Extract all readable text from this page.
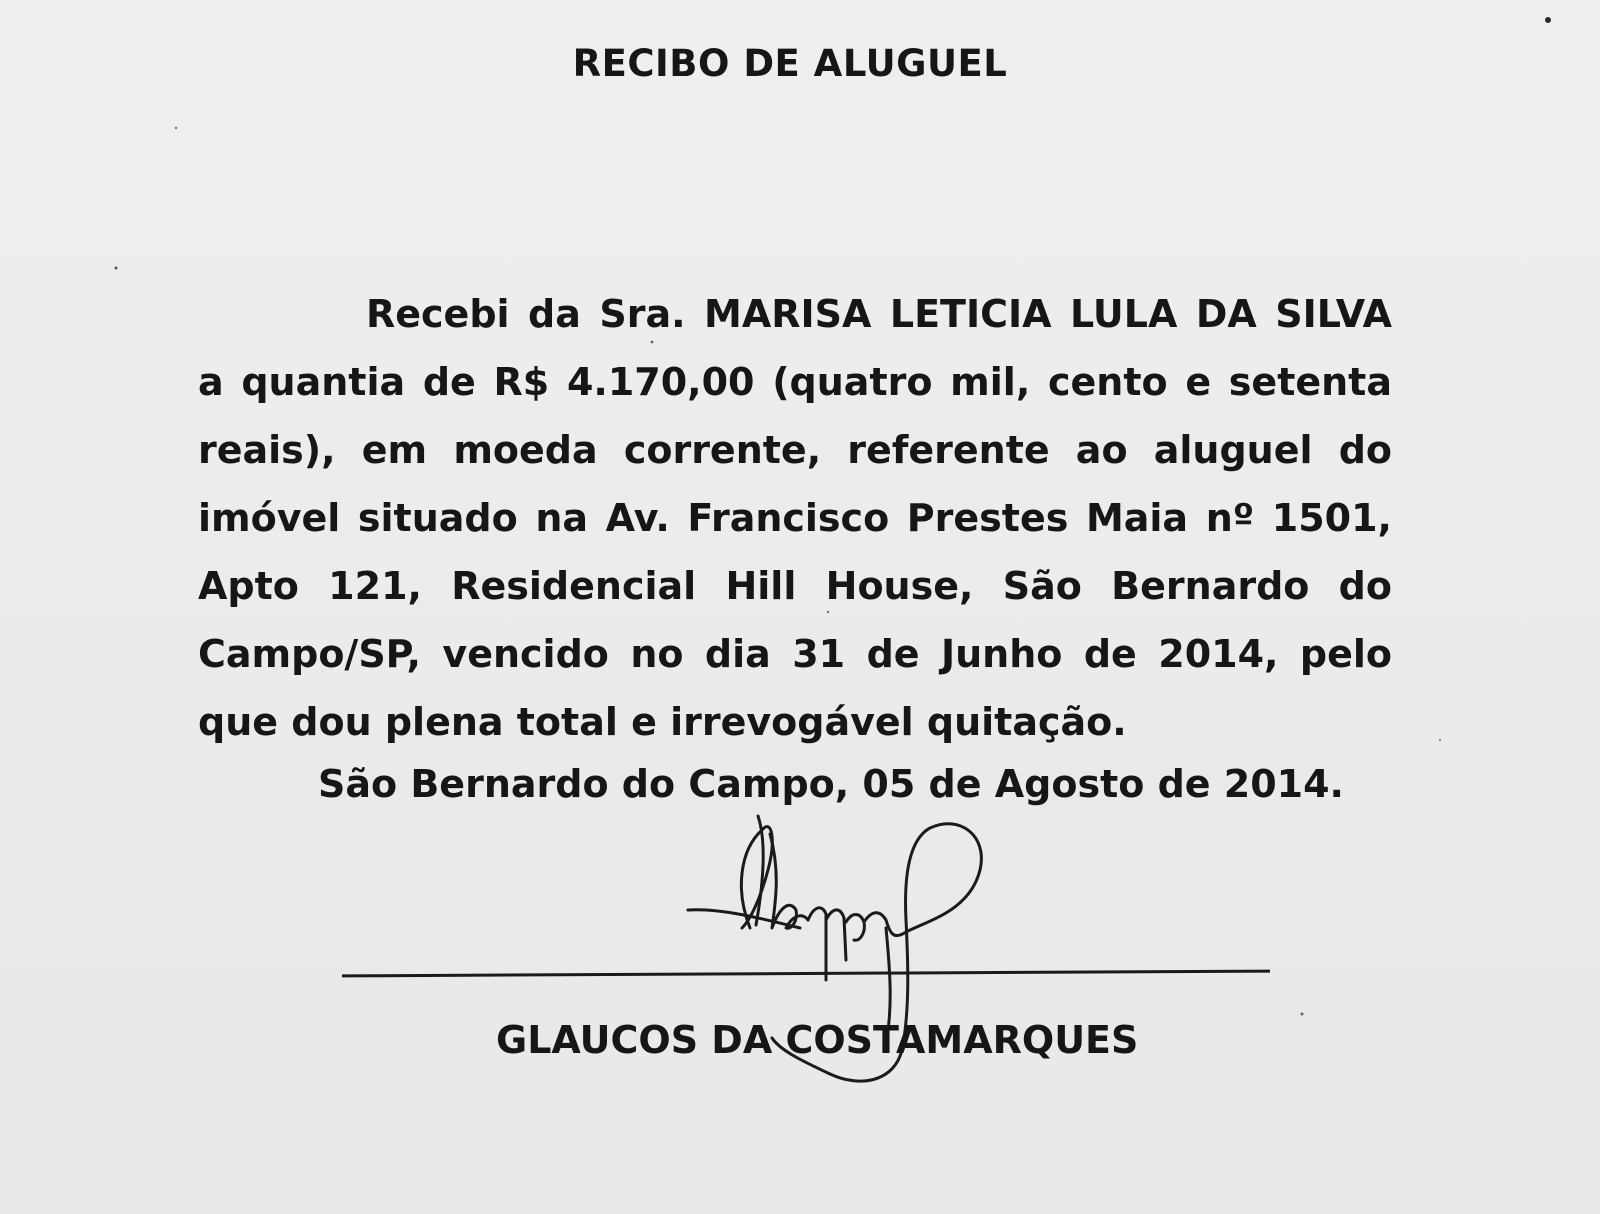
RECIBO DE ALUGUEL

Recebi da Sra. MARISA LETICIA LULA DA SILVA a quantia de R$ 4.170,00 (quatro mil, cento e setenta reais), em moeda corrente, referente ao aluguel do imóvel situado na Av. Francisco Prestes Maia nº 1501, Apto 121, Residencial Hill House, São Bernardo do Campo/SP, vencido no dia 31 de Junho de 2014, pelo que dou plena total e irrevogável quitação.

São Bernardo do Campo, 05 de Agosto de 2014.
GLAUCOS DA COSTAMARQUES
